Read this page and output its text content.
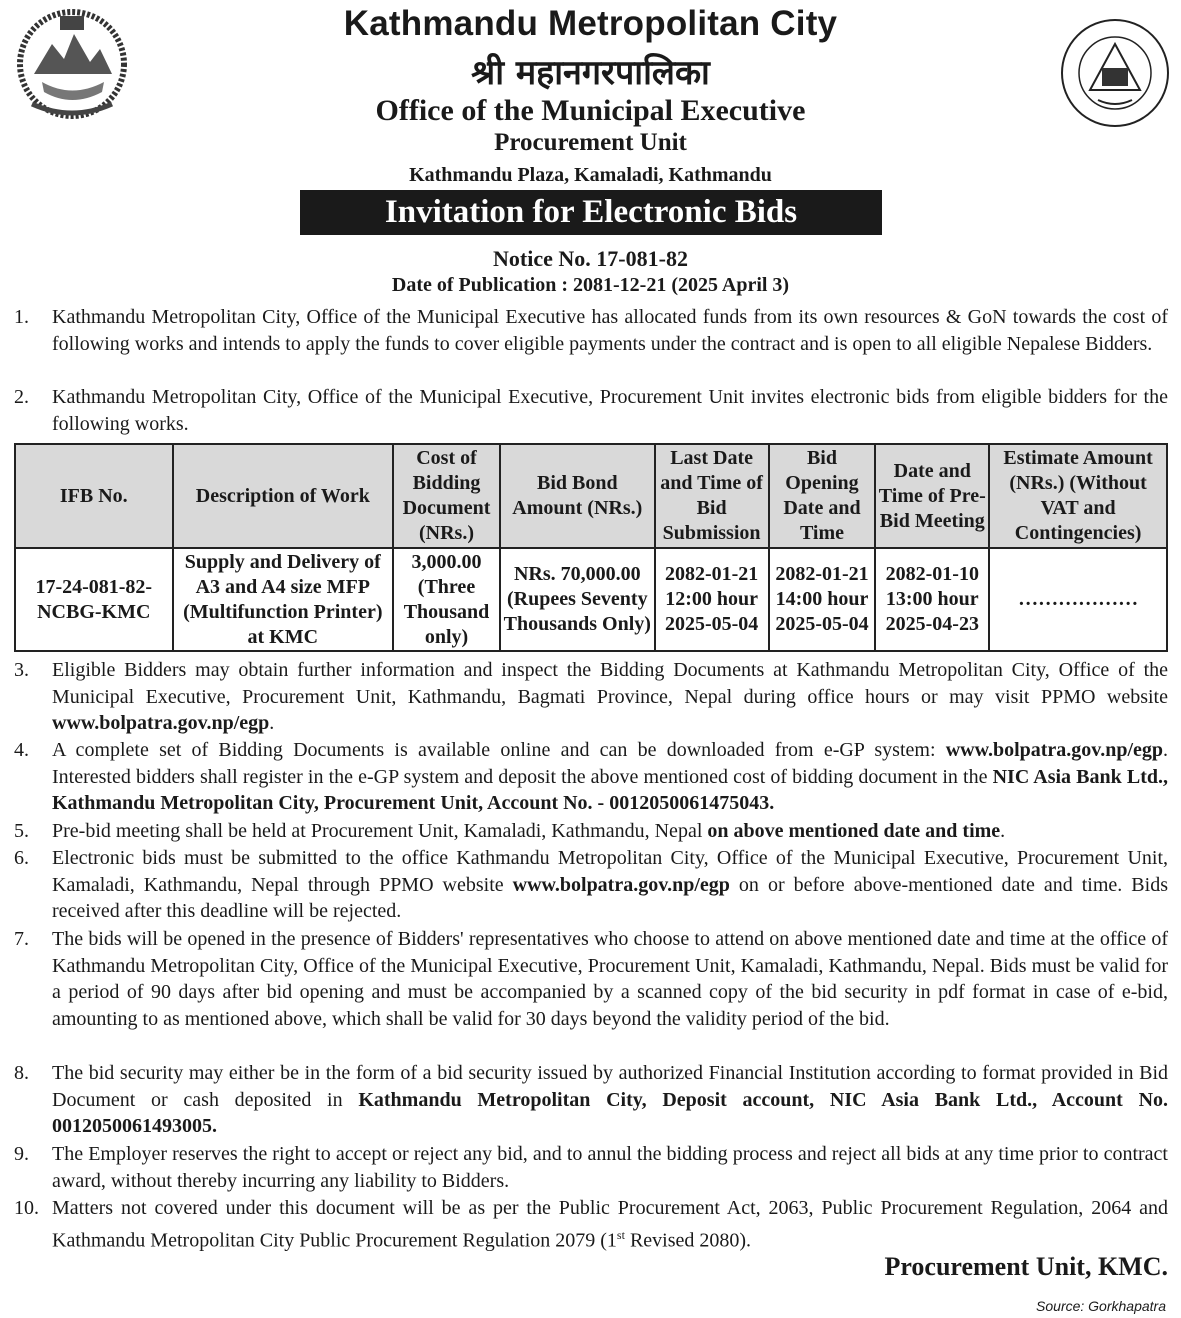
Kathmandu Metropolitan City
श्री महानगरपालिका
Office of the Municipal Executive
Procurement Unit
Kathmandu Plaza, Kamaladi, Kathmandu
Invitation for Electronic Bids
Notice No. 17-081-82
Date of Publication : 2081-12-21 (2025 April 3)
1.	Kathmandu Metropolitan City, Office of the Municipal Executive has allocated funds from its own resources & GoN towards the cost of following works and intends to apply the funds to cover eligible payments under the contract and is open to all eligible Nepalese Bidders.
2.	Kathmandu Metropolitan City, Office of the Municipal Executive, Procurement Unit invites electronic bids from eligible bidders for the following works.
IFB No.	Description of Work	Cost of Bidding Document (NRs.)	Bid Bond Amount (NRs.)	Last Date and Time of Bid Submission	Bid Opening Date and Time	Date and Time of Pre-Bid Meeting	Estimate Amount (NRs.) (Without VAT and Contingencies)
17-24-081-82-NCBG-KMC	Supply and Delivery of A3 and A4 size MFP (Multifunction Printer) at KMC	3,000.00 (Three Thousand only)	NRs. 70,000.00 (Rupees Seventy Thousands Only)	2082-01-21 12:00 hour 2025-05-04	2082-01-21 14:00 hour 2025-05-04	2082-01-10 13:00 hour 2025-04-23	………………
3.	Eligible Bidders may obtain further information and inspect the Bidding Documents at Kathmandu Metropolitan City, Office of the Municipal Executive, Procurement Unit, Kathmandu, Bagmati Province, Nepal during office hours or may visit PPMO website www.bolpatra.gov.np/egp.
4.	A complete set of Bidding Documents is available online and can be downloaded from e-GP system: www.bolpatra.gov.np/egp. Interested bidders shall register in the e-GP system and deposit the above mentioned cost of bidding document in the NIC Asia Bank Ltd., Kathmandu Metropolitan City, Procurement Unit, Account No. - 0012050061475043.
5.	Pre-bid meeting shall be held at Procurement Unit, Kamaladi, Kathmandu, Nepal on above mentioned date and time.
6.	Electronic bids must be submitted to the office Kathmandu Metropolitan City, Office of the Municipal Executive, Procurement Unit, Kamaladi, Kathmandu, Nepal through PPMO website www.bolpatra.gov.np/egp on or before above-mentioned date and time. Bids received after this deadline will be rejected.
7.	The bids will be opened in the presence of Bidders' representatives who choose to attend on above mentioned date and time at the office of Kathmandu Metropolitan City, Office of the Municipal Executive, Procurement Unit, Kamaladi, Kathmandu, Nepal. Bids must be valid for a period of 90 days after bid opening and must be accompanied by a scanned copy of the bid security in pdf format in case of e-bid, amounting to as mentioned above, which shall be valid for 30 days beyond the validity period of the bid.
8.	The bid security may either be in the form of a bid security issued by authorized Financial Institution according to format provided in Bid Document or cash deposited in Kathmandu Metropolitan City, Deposit account, NIC Asia Bank Ltd., Account No. 0012050061493005.
9.	The Employer reserves the right to accept or reject any bid, and to annul the bidding process and reject all bids at any time prior to contract award, without thereby incurring any liability to Bidders.
10. Matters not covered under this document will be as per the Public Procurement Act, 2063, Public Procurement Regulation, 2064 and Kathmandu Metropolitan City Public Procurement Regulation 2079 (1st Revised 2080).
Procurement Unit, KMC.
Source: Gorkhapatra
